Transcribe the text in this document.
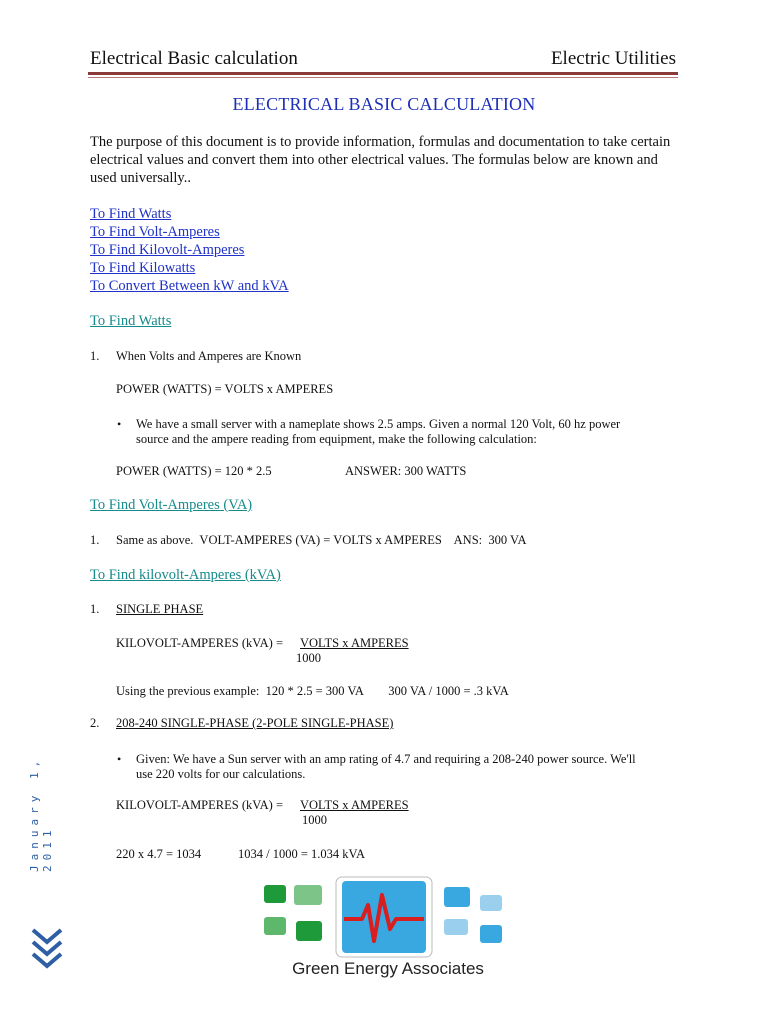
Electrical Basic calculation	Electric Utilities
ELECTRICAL BASIC CALCULATION
The purpose of this document is to provide information, formulas and documentation to take certain electrical values and convert them into other electrical values. The formulas below are known and used universally..
To Find Watts
To Find Volt-Amperes
To Find Kilovolt-Amperes
To Find Kilowatts
To Convert Between kW and kVA
To Find Watts
1. When Volts and Amperes are Known
POWER (WATTS) = VOLTS x AMPERES
• We have a small server with a nameplate shows 2.5 amps. Given a normal 120 Volt, 60 hz power
source and the ampere reading from equipment, make the following calculation:
POWER (WATTS) = 120 * 2.5	ANSWER: 300 WATTS
To Find Volt-Amperes (VA)
1. Same as above.  VOLT-AMPERES (VA) = VOLTS x AMPERES    ANS:  300 VA
To Find kilovolt-Amperes (kVA)
1. SINGLE PHASE
KILOVOLT-AMPERES (kVA) = VOLTS x AMPERES
1000
Using the previous example:  120 * 2.5 = 300 VA        300 VA / 1000 = .3 kVA
2. 208-240 SINGLE-PHASE (2-POLE SINGLE-PHASE)
• Given: We have a Sun server with an amp rating of 4.7 and requiring a 208-240 power source. We'll
use 220 volts for our calculations.
KILOVOLT-AMPERES (kVA) = VOLTS x AMPERES
1000
220 x 4.7 = 1034	1034 / 1000 = 1.034 kVA
January 1, 2011
Green Energy Associates
